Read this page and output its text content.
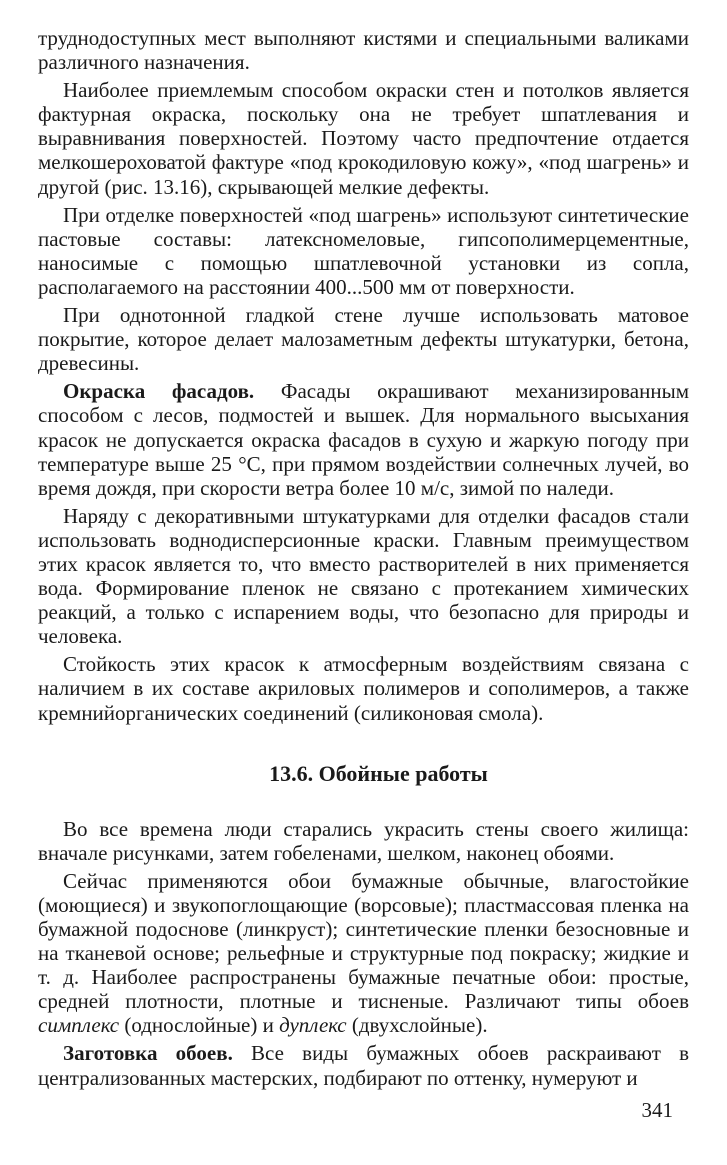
труднодоступных мест выполняют кистями и специальными валиками различного назначения.

Наиболее приемлемым способом окраски стен и потолков является фактурная окраска, поскольку она не требует шпатлевания и выравнивания поверхностей. Поэтому часто предпочтение отдается мелкошероховатой фактуре «под крокодиловую кожу», «под шагрень» и другой (рис. 13.16), скрывающей мелкие дефекты.

При отделке поверхностей «под шагрень» используют синтетические пастовые составы: латексномеловые, гипсополимерцементные, наносимые с помощью шпатлевочной установки из сопла, располагаемого на расстоянии 400...500 мм от поверхности.

При однотонной гладкой стене лучше использовать матовое покрытие, которое делает малозаметным дефекты штукатурки, бетона, древесины.

Окраска фасадов. Фасады окрашивают механизированным способом с лесов, подмостей и вышек. Для нормального высыхания красок не допускается окраска фасадов в сухую и жаркую погоду при температуре выше 25 °С, при прямом воздействии солнечных лучей, во время дождя, при скорости ветра более 10 м/с, зимой по наледи.

Наряду с декоративными штукатурками для отделки фасадов стали использовать воднодисперсионные краски. Главным преимуществом этих красок является то, что вместо растворителей в них применяется вода. Формирование пленок не связано с протеканием химических реакций, а только с испарением воды, что безопасно для природы и человека.

Стойкость этих красок к атмосферным воздействиям связана с наличием в их составе акриловых полимеров и сополимеров, а также кремнийорганических соединений (силиконовая смола).

13.6. Обойные работы

Во все времена люди старались украсить стены своего жилища: вначале рисунками, затем гобеленами, шелком, наконец обоями.

Сейчас применяются обои бумажные обычные, влагостойкие (моющиеся) и звукопоглощающие (ворсовые); пластмассовая пленка на бумажной подоснове (линкруст); синтетические пленки безосновные и на тканевой основе; рельефные и структурные под покраску; жидкие и т. д. Наиболее распространены бумажные печатные обои: простые, средней плотности, плотные и тисненые. Различают типы обоев симплекс (однослойные) и дуплекс (двухслойные).

Заготовка обоев. Все виды бумажных обоев раскраивают в централизованных мастерских, подбирают по оттенку, нумеруют и

341
